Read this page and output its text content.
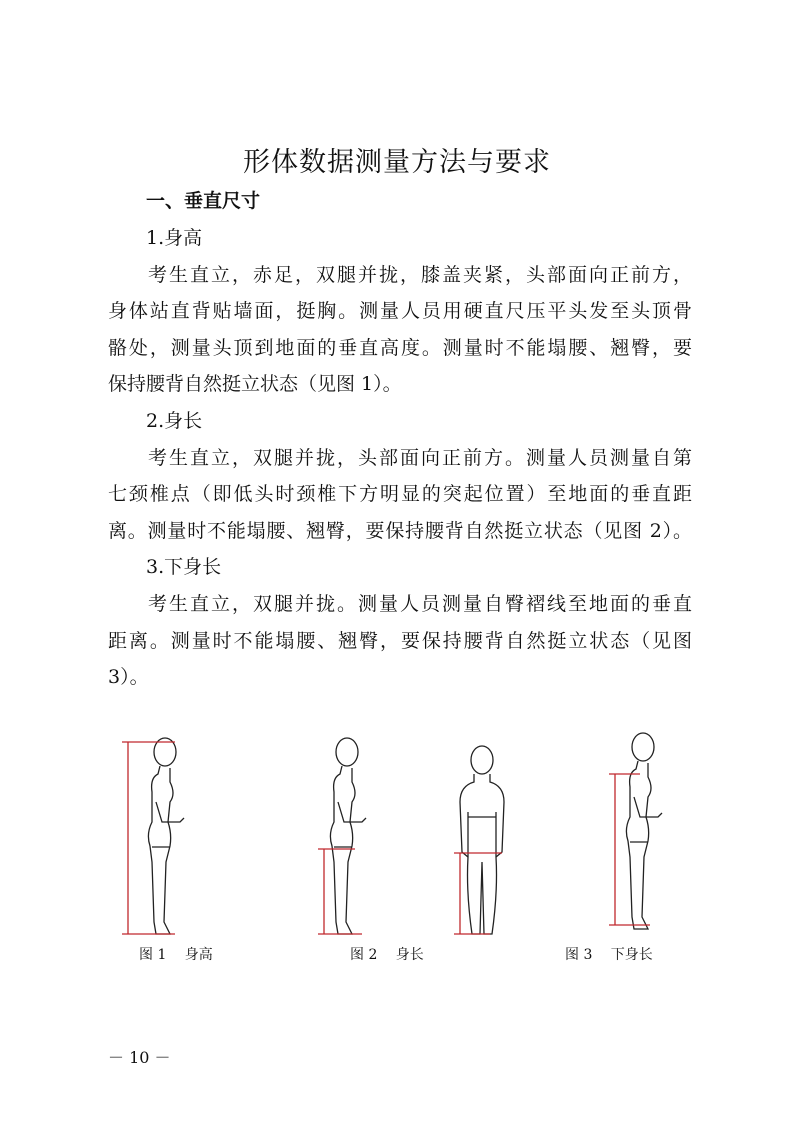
形体数据测量方法与要求
一、垂直尺寸
1.身高
考生直立，赤足，双腿并拢，膝盖夹紧，头部面向正前方，
身体站直背贴墙面，挺胸。测量人员用硬直尺压平头发至头顶骨
骼处，测量头顶到地面的垂直高度。测量时不能塌腰、翘臀，要
保持腰背自然挺立状态（见图 1）。
2.身长
考生直立，双腿并拢，头部面向正前方。测量人员测量自第
七颈椎点（即低头时颈椎下方明显的突起位置）至地面的垂直距
离。测量时不能塌腰、翘臀，要保持腰背自然挺立状态（见图 2）。
3.下身长
考生直立，双腿并拢。测量人员测量自臀褶线至地面的垂直
距离。测量时不能塌腰、翘臀，要保持腰背自然挺立状态（见图
3）。
图 1　 身高	图 2　 身长	图 3　 下身长
－ 10 －
